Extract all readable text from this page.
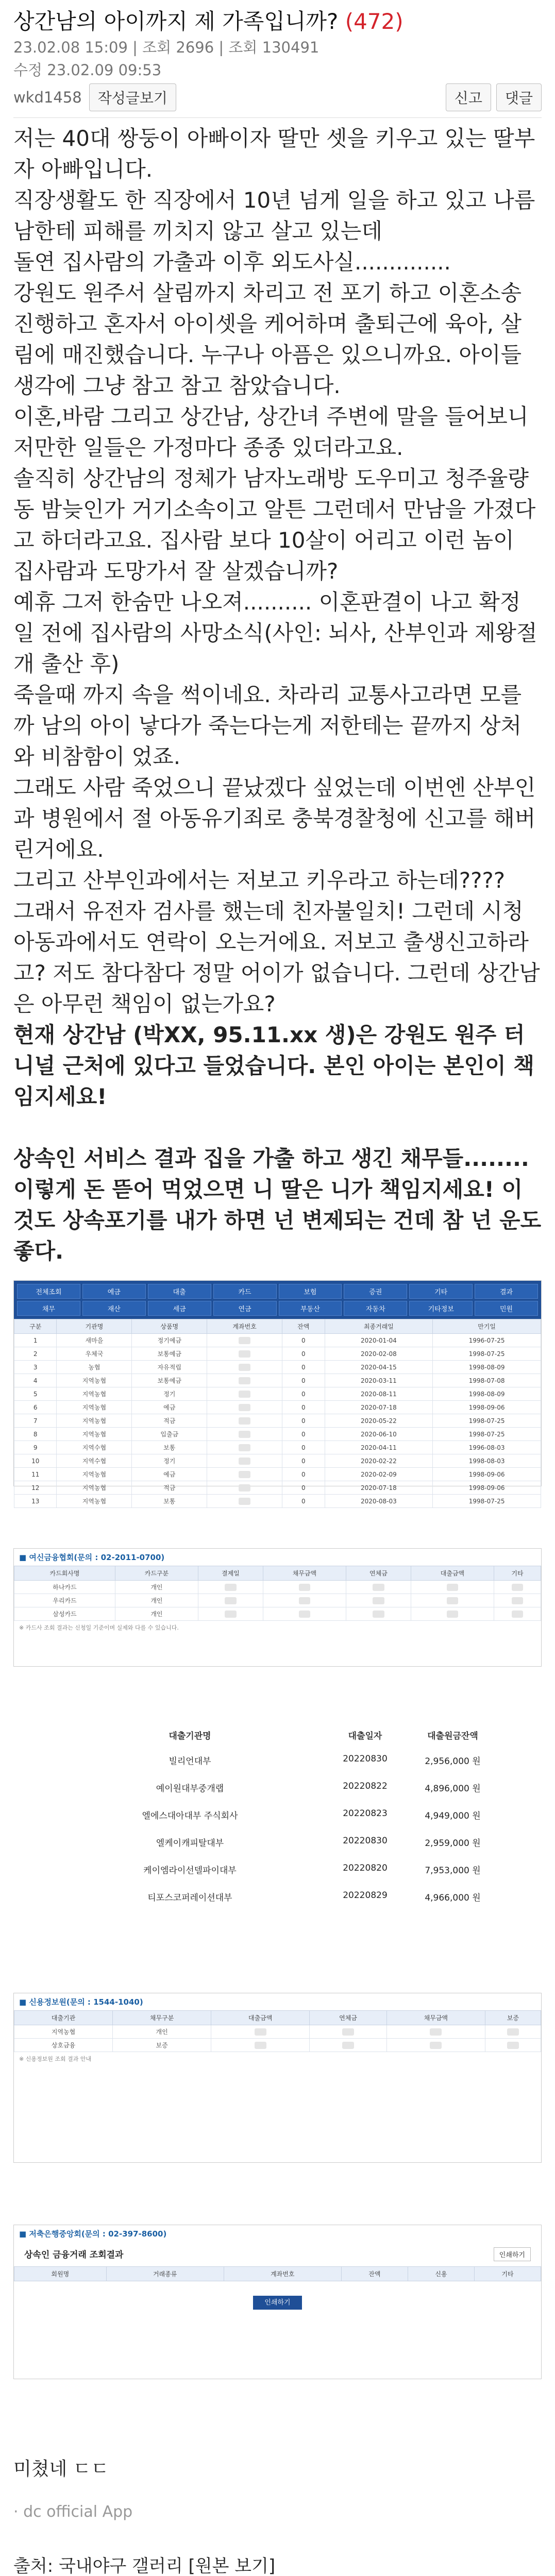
상간남의 아이까지 제 가족입니까? (472)
23.02.08 15:09 | 조회 2696 | 조회 130491
수정 23.02.09 09:53
wkd1458	작성글보기	신고	댓글

저는 40대 쌍둥이 아빠이자 딸만 셋을 키우고 있는 딸부자 아빠입니다.

직장생활도 한 직장에서 10년 넘게 일을 하고 있고 나름 남한테 피해를 끼치지 않고 살고 있는데
돌연 집사람의 가출과 이후 외도사실..............

강원도 원주서 살림까지 차리고 전 포기 하고 이혼소송 진행하고 혼자서 아이셋을 케어하며 출퇴근에 육아, 살림에 매진했습니다. 누구나 아픔은 있으니까요. 아이들 생각에 그냥 참고 참고 참았습니다.

이혼,바람 그리고 상간남, 상간녀 주변에 말을 들어보니 저만한 일들은 가정마다 종종 있더라고요.

솔직히 상간남의 정체가 남자노래방 도우미고 청주율량동 밤늦인가 거기소속이고 알튼 그런데서 만남을 가졌다고 하더라고요. 집사람 보다 10살이 어리고 이런 놈이 집사람과 도망가서 잘 살겠습니까?

예휴 그저 한숨만 나오져.......... 이혼판결이 나고 확정일 전에 집사람의 사망소식(사인: 뇌사, 산부인과 제왕절개 출산 후)

죽을때 까지 속을 썩이네요. 차라리 교통사고라면 모를까 남의 아이 낳다가 죽는다는게 저한테는 끝까지 상처와 비참함이 었죠.

그래도 사람 죽었으니 끝났겠다 싶었는데 이번엔 산부인과 병원에서 절 아동유기죄로 충북경찰청에 신고를 해버린거에요.

그리고 산부인과에서는 저보고 키우라고 하는데????
그래서 유전자 검사를 했는데 친자불일치! 그런데 시청 아동과에서도 연락이 오는거에요. 저보고 출생신고하라고? 저도 참다참다 정말 어이가 없습니다. 그런데 상간남은 아무런 책임이 없는가요?

현재 상간남 (박XX, 95.11.xx 생)은 강원도 원주 터니널 근처에 있다고 들었습니다. 본인 아이는 본인이 책임지세요!

상속인 서비스 결과 집을 가출 하고 생긴 채무들........
이렇게 돈 뜯어 먹었으면 니 딸은 니가 책임지세요! 이것도 상속포기를 내가 하면 넌 변제되는 건데 참 넌 운도 좋다.

전체조회	예금	대출	카드	보험	증권	기타	결과
채무	재산	세금	연금	부동산	자동차	기타정보	민원
구분	기관명	상품명	계좌번호	잔액	최종거래일	만기일
1	새마을	정기예금		0	2020-01-04	1996-07-25
2	우체국	보통예금		0	2020-02-08	1998-07-25
3	농협	자유적립		0	2020-04-15	1998-08-09
4	지역농협	보통예금		0	2020-03-11	1998-07-08
5	지역농협	정기		0	2020-08-11	1998-08-09
6	지역농협	예금		0	2020-07-18	1998-09-06
7	지역농협	적금		0	2020-05-22	1998-07-25
8	지역농협	입출금		0	2020-06-10	1998-07-25
9	지역수협	보통		0	2020-04-11	1996-08-03
10	지역수협	정기		0	2020-02-22	1998-08-03
11	지역농협	예금		0	2020-02-09	1998-09-06
12	지역농협	적금		0	2020-07-18	1998-09-06
13	지역농협	보통		0	2020-08-03	1998-07-25
■ 여신금융협회(문의 : 02-2011-0700)
카드회사명	카드구분	결제일	채무금액	연체금	대출금액	기타
하나카드	개인					
우리카드	개인					
삼성카드	개인					
※ 카드사 조회 결과는 신청일 기준이며 실제와 다를 수 있습니다.
대출기관명	대출일자	대출원금잔액
빌리언대부	20220830	2,956,000 원
예이원대부중개랩	20220822	4,896,000 원
엘에스대아대부 주식회사	20220823	4,949,000 원
엘케이캐피탈대부	20220830	2,959,000 원
케이엠라이선델파이대부	20220820	7,953,000 원
티포스코퍼레이션대부	20220829	4,966,000 원
■ 신용정보원(문의 : 1544-1040)
대출기관	채무구분	대출금액	연체금	채무금액	보증
지역농협	개인				
상호금융	보증				
※ 신용정보원 조회 결과 안내
■ 저축은행중앙회(문의 : 02-397-8600)
상속인 금융거래 조회결과	인쇄하기
회원명	거래종류	계좌번호	잔액	신용	기타
인쇄하기
미쳤네 ㄷㄷ
· dc official App
출처: 국내야구 갤러리 [원본 보기]
